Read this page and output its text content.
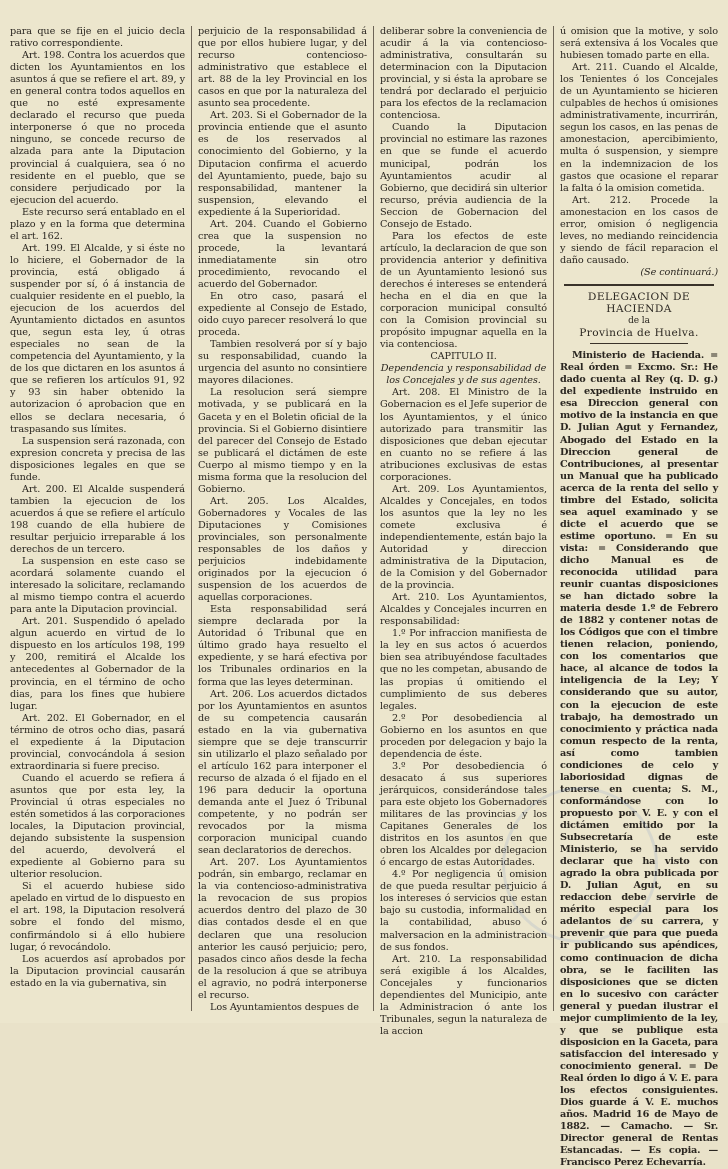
para que se fije en el juicio decla rativo correspondiente.

Art. 198. Contra los acuerdos que dicten los Ayuntamientos en los asuntos á que se refiere el art. 89, y en general contra todos aquellos en que no esté expresamente declarado el recurso que pueda interponerse ó que no proceda ninguno, se concede recurso de alzada para ante la Diputacion provincial á cualquiera, sea ó no residente en el pueblo, que se considere perjudicado por la ejecucion del acuerdo.

Este recurso será entablado en el plazo y en la forma que determina el art. 162.

Art. 199. El Alcalde, y si éste no lo hiciere, el Gobernador de la provincia, está obligado á suspender por sí, ó á instancia de cualquier residente en el pueblo, la ejecucion de los acuerdos del Ayuntamiento dictados en asuntos que, segun esta ley, ú otras especiales no sean de la competencia del Ayuntamiento, y la de los que dictaren en los asuntos á que se refieren los artículos 91, 92 y 93 sin haber obtenido la autorizacion ó aprobacion que en ellos se declara necesaria, ó traspasando sus límites.

La suspension será razonada, con expresion concreta y precisa de las disposiciones legales en que se funde.

Art. 200. El Alcalde suspenderá tambien la ejecucion de los acuerdos á que se refiere el artículo 198 cuando de ella hubiere de resultar perjuicio irreparable á los derechos de un tercero.

La suspension en este caso se acordará solamente cuando el interesado la solicitare, reclamando al mismo tiempo contra el acuerdo para ante la Diputacion provincial.

Art. 201. Suspendido ó apelado algun acuerdo en virtud de lo dispuesto en los artículos 198, 199 y 200, remitirá el Alcalde los antecedentes al Gobernador de la provincia, en el término de ocho dias, para los fines que hubiere lugar.

Art. 202. El Gobernador, en el término de otros ocho dias, pasará el expediente á la Diputacion provincial, convocándola á sesion extraordinaria si fuere preciso.

Cuando el acuerdo se refiera á asuntos que por esta ley, la Provincial ú otras especiales no estén sometidos á las corporaciones locales, la Diputacion provincial, dejando subsistente la suspension del acuerdo, devolverá el expediente al Gobierno para su ulterior resolucion.

Si el acuerdo hubiese sido apelado en virtud de lo dispuesto en el art. 198, la Diputacion resolverá sobre el fondo del mismo, confirmándolo si á ello hubiere lugar, ó revocándolo.

Los acuerdos así aprobados por la Diputacion provincial causarán estado en la via gubernativa, sin

perjuicio de la responsabilidad á que por ellos hubiere lugar, y del recurso contencioso-administrativo que establece el art. 88 de la ley Provincial en los casos en que por la naturaleza del asunto sea procedente.

Art. 203. Si el Gobernador de la provincia entiende que el asunto es de los reservados al conocimiento del Gobierno, y la Diputacion confirma el acuerdo del Ayuntamiento, puede, bajo su responsabilidad, mantener la suspension, elevando el expediente á la Superioridad.

Art. 204. Cuando el Gobierno crea que la suspension no procede, la levantará inmediatamente sin otro procedimiento, revocando el acuerdo del Gobernador.

En otro caso, pasará el expediente al Consejo de Estado, oido cuyo parecer resolverá lo que proceda.

Tambien resolverá por sí y bajo su responsabilidad, cuando la urgencia del asunto no consintiere mayores dilaciones.

La resolucion será siempre motivada, y se publicará en la Gaceta y en el Boletin oficial de la provincia. Si el Gobierno disintiere del parecer del Consejo de Estado se publicará el dictámen de este Cuerpo al mismo tiempo y en la misma forma que la resolucion del Gobierno.

Art. 205. Los Alcaldes, Gobernadores y Vocales de las Diputaciones y Comisiones provinciales, son personalmente responsables de los daños y perjuicios indebidamente originados por la ejecucion ó suspension de los acuerdos de aquellas corporaciones.

Esta responsabilidad será siempre declarada por la Autoridad ó Tribunal que en último grado haya resuelto el expediente, y se hará efectiva por los Tribunales ordinarios en la forma que las leyes determinan.

Art. 206. Los acuerdos dictados por los Ayuntamientos en asuntos de su competencia causarán estado en la via gubernativa siempre que se deje transcurrir sin utilizarlo el plazo señalado por el artículo 162 para interponer el recurso de alzada ó el fijado en el 196 para deducir la oportuna demanda ante el Juez ó Tribunal competente, y no podrán ser revocados por la misma corporacion municipal cuando sean declaratorios de derechos.

Art. 207. Los Ayuntamientos podrán, sin embargo, reclamar en la via contencioso-administrativa la revocacion de sus propios acuerdos dentro del plazo de 30 dias contados desde el en que declaren que una resolucion anterior les causó perjuicio; pero, pasados cinco años desde la fecha de la resolucion á que se atribuya el agravio, no podrá interponerse el recurso.

Los Ayuntamientos despues de

deliberar sobre la conveniencia de acudir á la via contencioso-administrativa, consultarán su determinacion con la Diputacion provincial, y si ésta la aprobare se tendrá por declarado el perjuicio para los efectos de la reclamacion contenciosa.

Cuando la Diputacion provincial no estimare las razones en que se funde el acuerdo municipal, podrán los Ayuntamientos acudir al Gobierno, que decidirá sin ulterior recurso, prévia audiencia de la Seccion de Gobernacion del Consejo de Estado.

Para los efectos de este artículo, la declaracion de que son providencia anterior y definitiva de un Ayuntamiento lesionó sus derechos é intereses se entenderá hecha en el dia en que la corporacion municipal consultó con la Comision provincial su propósito impugnar aquella en la via contenciosa.

CAPITULO II.

Dependencia y responsabilidad de los Concejales y de sus agentes.

Art. 208. El Ministro de la Gobernacion es el Jefe superior de los Ayuntamientos, y el único autorizado para transmitir las disposiciones que deban ejecutar en cuanto no se refiere á las atribuciones exclusivas de estas corporaciones.

Art. 209. Los Ayuntamientos, Alcaldes y Concejales, en todos los asuntos que la ley no les comete exclusiva é independientemente, están bajo la Autoridad y direccion administrativa de la Diputacion, de la Comision y del Gobernador de la provincia.

Art. 210. Los Ayuntamientos, Alcaldes y Concejales incurren en responsabilidad:

1.º Por infraccion manifiesta de la ley en sus actos ó acuerdos bien sea atribuyéndose facultades que no les competan, abusando de las propias ú omitiendo el cumplimiento de sus deberes legales.

2.º Por desobediencia al Gobierno en los asuntos en que proceden por delegacion y bajo la dependencia de éste.

3.º Por desobediencia ó desacato á sus superiores jerárquicos, considerándose tales para este objeto los Gobernadores militares de las provincias y los Capitanes Generales de los distritos en los asuntos en que obren los Alcaldes por delegacion ó encargo de estas Autoridades.

4.º Por negligencia ú omision de que pueda resultar perjuicio á los intereses ó servicios que estan bajo su custodia, informalidad en la contabilidad, abuso ó malversacion en la administracion de sus fondos.

Art. 210. La responsabilidad será exigible á los Alcaldes, Concejales y funcionarios dependientes del Municipio, ante la Administracion ó ante los Tribunales, segun la naturaleza de la accion

ú omision que la motive, y solo será extensiva á los Vocales que hubiesen tomado parte en ella.

Art. 211. Cuando el Alcalde, los Tenientes ó los Concejales de un Ayuntamiento se hicieren culpables de hechos ú omisiones administrativamente, incurrirán, segun los casos, en las penas de amonestacion, apercibimiento, multa ó suspension, y siempre en la indemnizacion de los gastos que ocasione el reparar la falta ó la omision cometida.

Art. 212. Procede la amonestacion en los casos de error, omision ó negligencia leves, no mediando reincidencia y siendo de fácil reparacion el daño causado.

(Se continuará.)

DELEGACION DE HACIENDA

de la

Provincia de Huelva.

Ministerio de Hacienda. = Real órden = Excmo. Sr.: He dado cuenta al Rey (q. D. g.) del expediente instruido en esa Direccion general con motivo de la instancia en que D. Julian Agut y Fernandez, Abogado del Estado en la Direccion general de Contribuciones, al presentar un Manual que ha publicado acerca de la renta del sello y timbre del Estado, solicita sea aquel examinado y se dicte el acuerdo que se estime oportuno. = En su vista: = Considerando que dicho Manual es de reconocida utilidad para reunir cuantas disposiciones se han dictado sobre la materia desde 1.º de Febrero de 1882 y contener notas de los Códigos que con el timbre tienen relacion, poniendo, con los comentarios que hace, al alcance de todos la inteligencia de la Ley; Y considerando que su autor, con la ejecucion de este trabajo, ha demostrado un conocimiento y práctica nada comun respecto de la renta, así como tambien condiciones de celo y laboriosidad dignas de tenerse en cuenta; S. M., conformándose con lo propuesto por V. E. y con el dictámen emitido por la Subsecretaría de este Ministerio, se ha servido declarar que ha visto con agrado la obra publicada por D. Julian Agut, en su redaccion debe servirle de mérito especial para los adelantos de su carrera, y prevenir que para que pueda ir publicando sus apéndices, como continuacion de dicha obra, se le faciliten las disposiciones que se dicten en lo sucesivo con carácter general y puedan ilustrar el mejor cumplimiento de la ley, y que se publique esta disposicion en la Gaceta, para satisfaccion del interesado y conocimiento general. = De Real órden lo digo á V. E. para los efectos consiguientes. Dios guarde á V. E. muchos años. Madrid 16 de Mayo de 1882. — Camacho. — Sr. Director general de Rentas Estancadas. — Es copia. — Francisco Perez Echevarría.
